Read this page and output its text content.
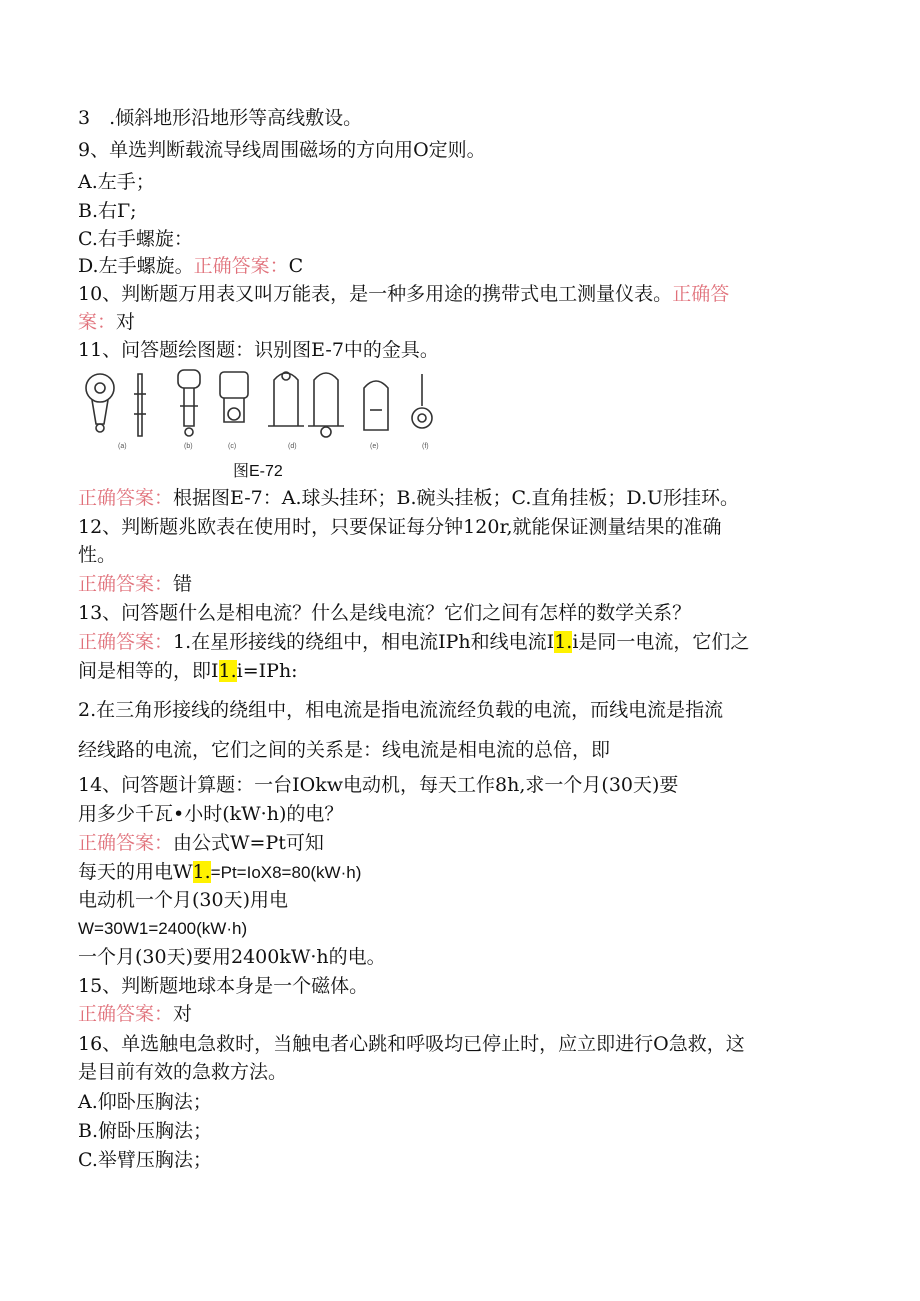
3　.倾斜地形沿地形等高线敷设。
9、单选判断载流导线周围磁场的方向用O定则。
A.左手；
B.右Γ;
C.右手螺旋：
D.左手螺旋。正确答案：C
10、判断题万用表又叫万能表，是一种多用途的携带式电工测量仪表。正确答
案：对
11、问答题绘图题：识别图E-7中的金具。
(a)	(b)	(c)	(d)	(e)	(f)
图E-72
正确答案：根据图E-7：A.球头挂环；B.碗头挂板；C.直角挂板；D.U形挂环。
12、判断题兆欧表在使用时，只要保证每分钟120r,就能保证测量结果的准确
性。
正确答案：错
13、问答题什么是相电流？什么是线电流？它们之间有怎样的数学关系？
正确答案：1.在星形接线的绕组中，相电流IPh和线电流I1.i是同一电流，它们之
间是相等的，即I1.i=IPh:
2.在三角形接线的绕组中，相电流是指电流流经负载的电流，而线电流是指流
经线路的电流，它们之间的关系是：线电流是相电流的总倍，即
14、问答题计算题：一台IOkw电动机，每天工作8h,求一个月(30天)要
用多少千瓦•小时(kW·h)的电？
正确答案：由公式W=Pt可知
每天的用电W1.=Pt=IoX8=80(kW·h)
电动机一个月(30天)用电
W=30W1=2400(kW·h)
一个月(30天)要用2400kW·h的电。
15、判断题地球本身是一个磁体。
正确答案：对
16、单选触电急救时，当触电者心跳和呼吸均已停止时，应立即进行O急救，这
是目前有效的急救方法。
A.仰卧压胸法；
B.俯卧压胸法；
C.举臂压胸法；
